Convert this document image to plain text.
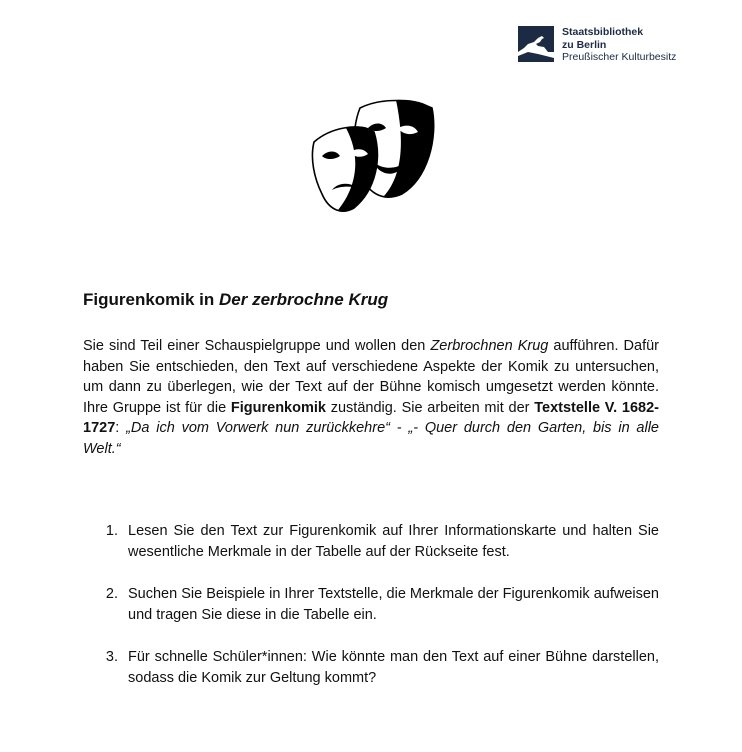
Staatsbibliothek
zu Berlin
Preußischer Kulturbesitz
Figurenkomik in Der zerbrochne Krug

Sie sind Teil einer Schauspielgruppe und wollen den Zerbrochnen Krug aufführen. Dafür haben Sie entschieden, den Text auf verschiedene Aspekte der Komik zu untersuchen, um dann zu überlegen, wie der Text auf der Bühne komisch umgesetzt werden könnte. Ihre Gruppe ist für die Figurenkomik zuständig. Sie arbeiten mit der Textstelle V. 1682-1727: „Da ich vom Vorwerk nun zurückkehre“ - „- Quer durch den Garten, bis in alle Welt.“

1. Lesen Sie den Text zur Figurenkomik auf Ihrer Informationskarte und halten Sie wesentliche Merkmale in der Tabelle auf der Rückseite fest.
2. Suchen Sie Beispiele in Ihrer Textstelle, die Merkmale der Figurenkomik aufweisen und tragen Sie diese in die Tabelle ein.
3. Für schnelle Schüler*innen: Wie könnte man den Text auf einer Bühne darstellen, sodass die Komik zur Geltung kommt?
